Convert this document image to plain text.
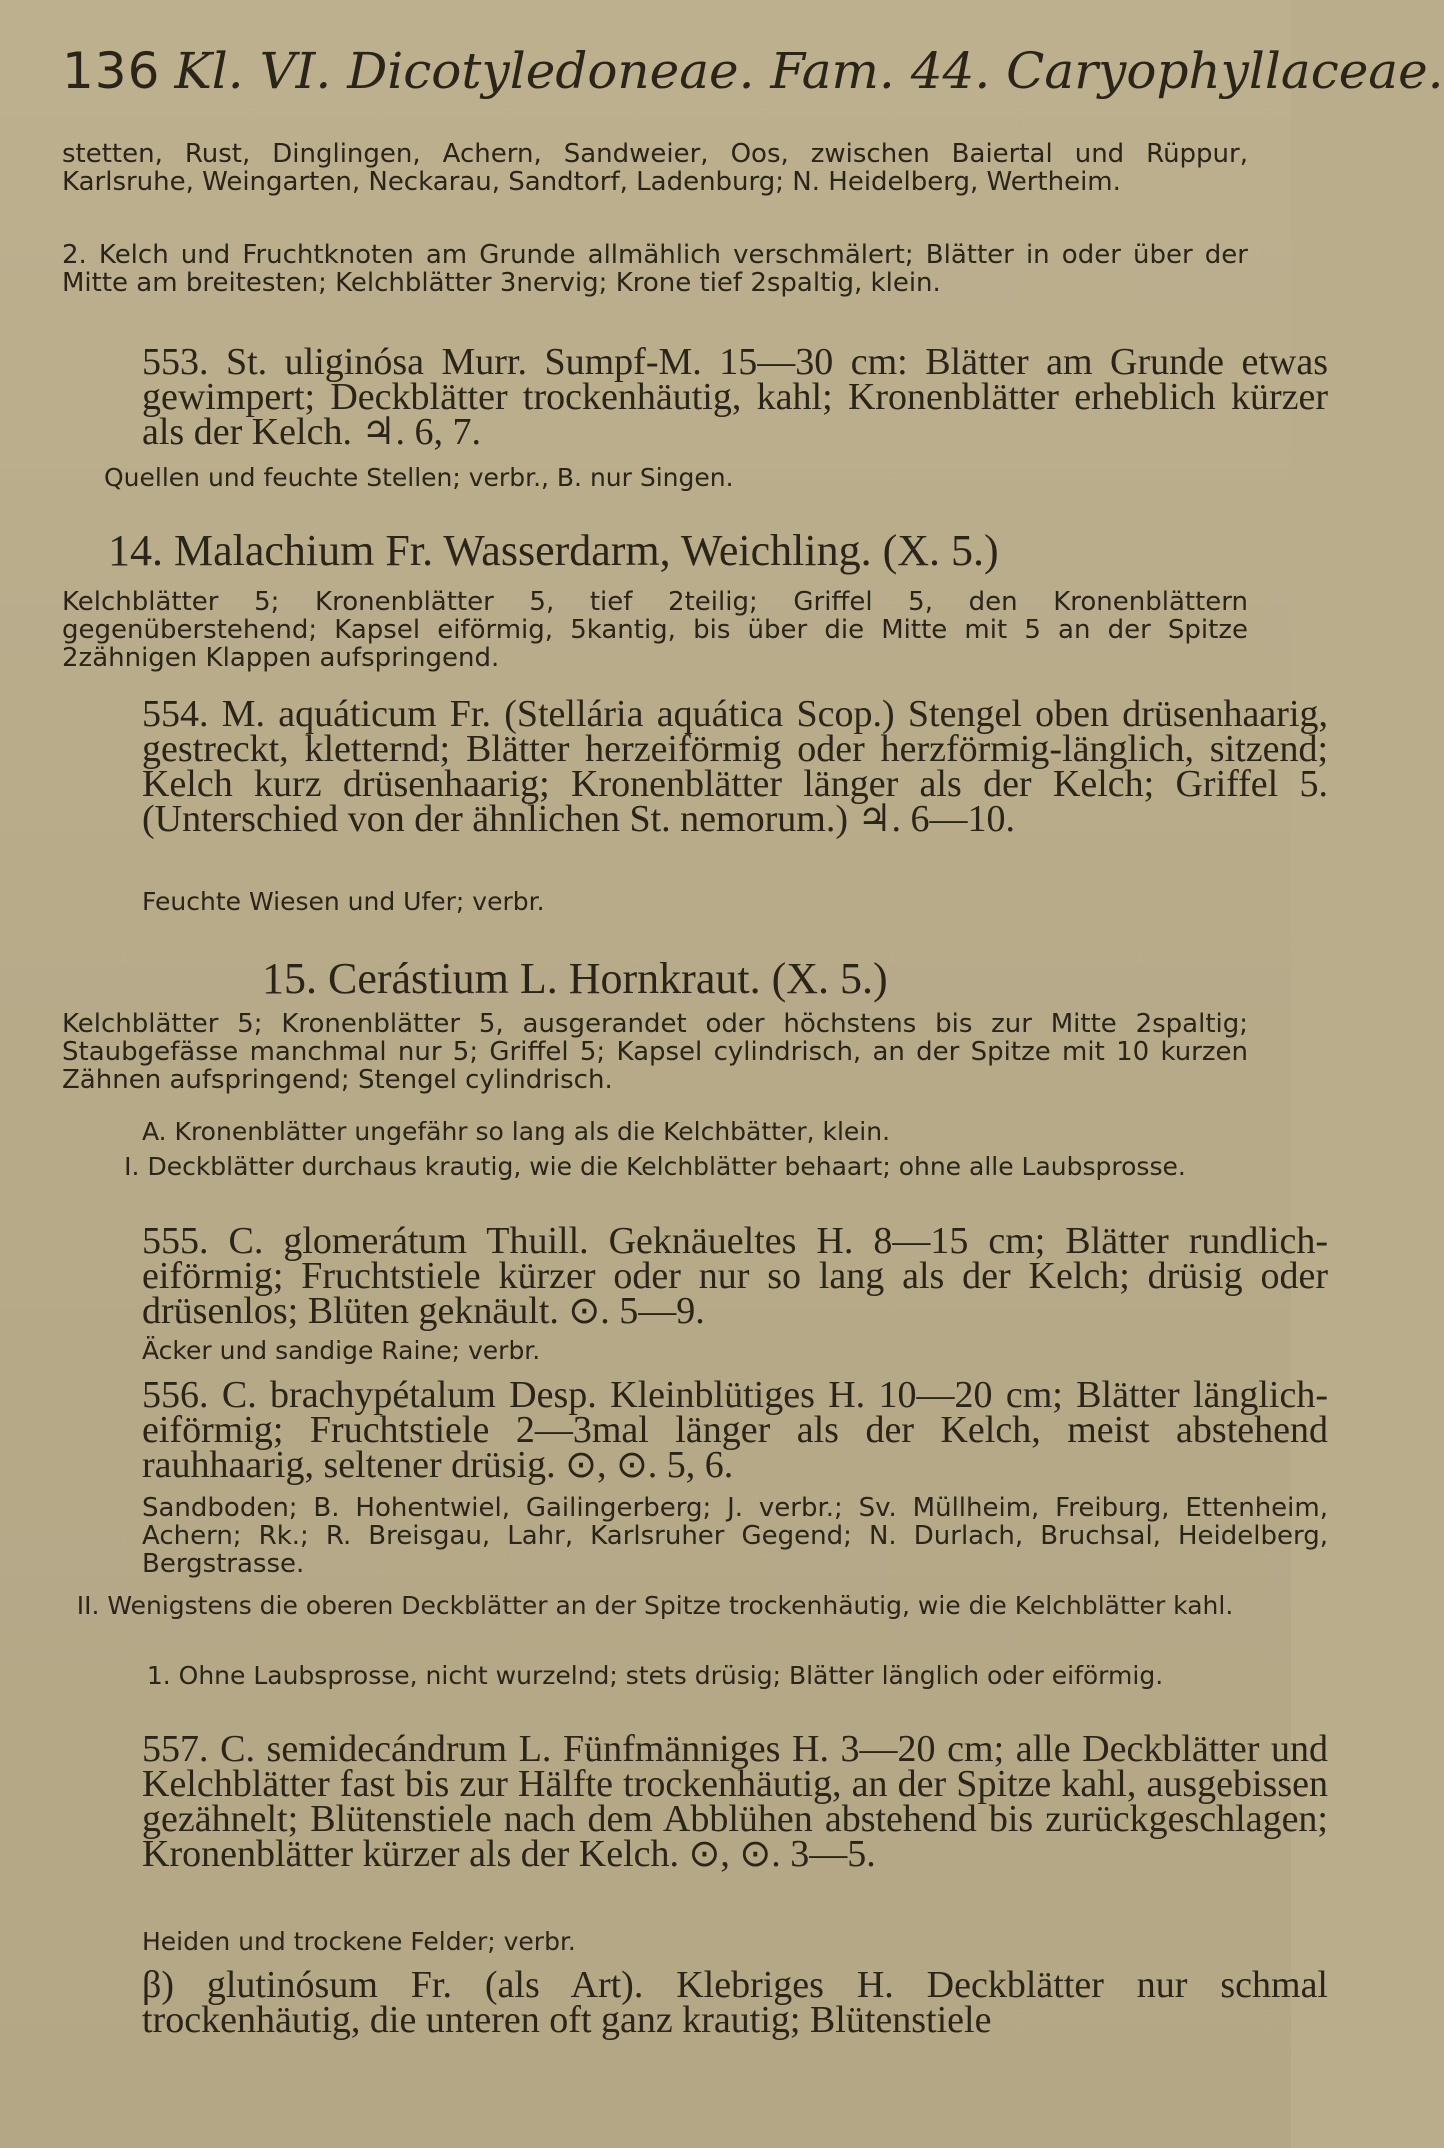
136 Kl. VI. Dicotyledoneae. Fam. 44. Caryophyllaceae.
stetten, Rust, Dinglingen, Achern, Sandweier, Oos, zwischen Baiertal und Rüppur, Karlsruhe, Weingarten, Neckarau, Sandtorf, Ladenburg; N. Heidelberg, Wertheim.
2. Kelch und Fruchtknoten am Grunde allmählich verschmälert; Blätter in oder über der Mitte am breitesten; Kelchblätter 3nervig; Krone tief 2spaltig, klein.
553. St. uliginósa Murr. Sumpf-M. 15—30 cm: Blätter am Grunde etwas gewimpert; Deckblätter trockenhäutig, kahl; Kronenblätter erheblich kürzer als der Kelch. ♃. 6, 7.
Quellen und feuchte Stellen; verbr., B. nur Singen.
14. Malachium Fr. Wasserdarm, Weichling. (X. 5.)
Kelchblätter 5; Kronenblätter 5, tief 2teilig; Griffel 5, den Kronenblättern gegenüberstehend; Kapsel eiförmig, 5kantig, bis über die Mitte mit 5 an der Spitze 2zähnigen Klappen aufspringend.
554. M. aquáticum Fr. (Stellária aquática Scop.) Stengel oben drüsenhaarig, gestreckt, kletternd; Blätter herzeiförmig oder herzförmig-länglich, sitzend; Kelch kurz drüsenhaarig; Kronenblätter länger als der Kelch; Griffel 5. (Unterschied von der ähnlichen St. nemorum.) ♃. 6—10.
Feuchte Wiesen und Ufer; verbr.
15. Cerástium L. Hornkraut. (X. 5.)
Kelchblätter 5; Kronenblätter 5, ausgerandet oder höchstens bis zur Mitte 2spaltig; Staubgefässe manchmal nur 5; Griffel 5; Kapsel cylindrisch, an der Spitze mit 10 kurzen Zähnen aufspringend; Stengel cylindrisch.
A. Kronenblätter ungefähr so lang als die Kelchbätter, klein.
I. Deckblätter durchaus krautig, wie die Kelchblätter behaart; ohne alle Laubsprosse.
555. C. glomerátum Thuill. Geknäueltes H. 8—15 cm; Blätter rundlich-eiförmig; Fruchtstiele kürzer oder nur so lang als der Kelch; drüsig oder drüsenlos; Blüten geknäult. ⊙. 5—9.
Äcker und sandige Raine; verbr.
556. C. brachypétalum Desp. Kleinblütiges H. 10—20 cm; Blätter länglich-eiförmig; Fruchtstiele 2—3mal länger als der Kelch, meist abstehend rauhhaarig, seltener drüsig. ⊙, ⊙. 5, 6.
Sandboden; B. Hohentwiel, Gailingerberg; J. verbr.; Sv. Müllheim, Freiburg, Ettenheim, Achern; Rk.; R. Breisgau, Lahr, Karlsruher Gegend; N. Durlach, Bruchsal, Heidelberg, Bergstrasse.
II. Wenigstens die oberen Deckblätter an der Spitze trockenhäutig, wie die Kelchblätter kahl.
1. Ohne Laubsprosse, nicht wurzelnd; stets drüsig; Blätter länglich oder eiförmig.
557. C. semidecándrum L. Fünfmänniges H. 3—20 cm; alle Deckblätter und Kelchblätter fast bis zur Hälfte trockenhäutig, an der Spitze kahl, ausgebissen gezähnelt; Blütenstiele nach dem Abblühen abstehend bis zurückgeschlagen; Kronenblätter kürzer als der Kelch. ⊙, ⊙. 3—5.
Heiden und trockene Felder; verbr.
β) glutinósum Fr. (als Art). Klebriges H. Deckblätter nur schmal trockenhäutig, die unteren oft ganz krautig; Blütenstiele
